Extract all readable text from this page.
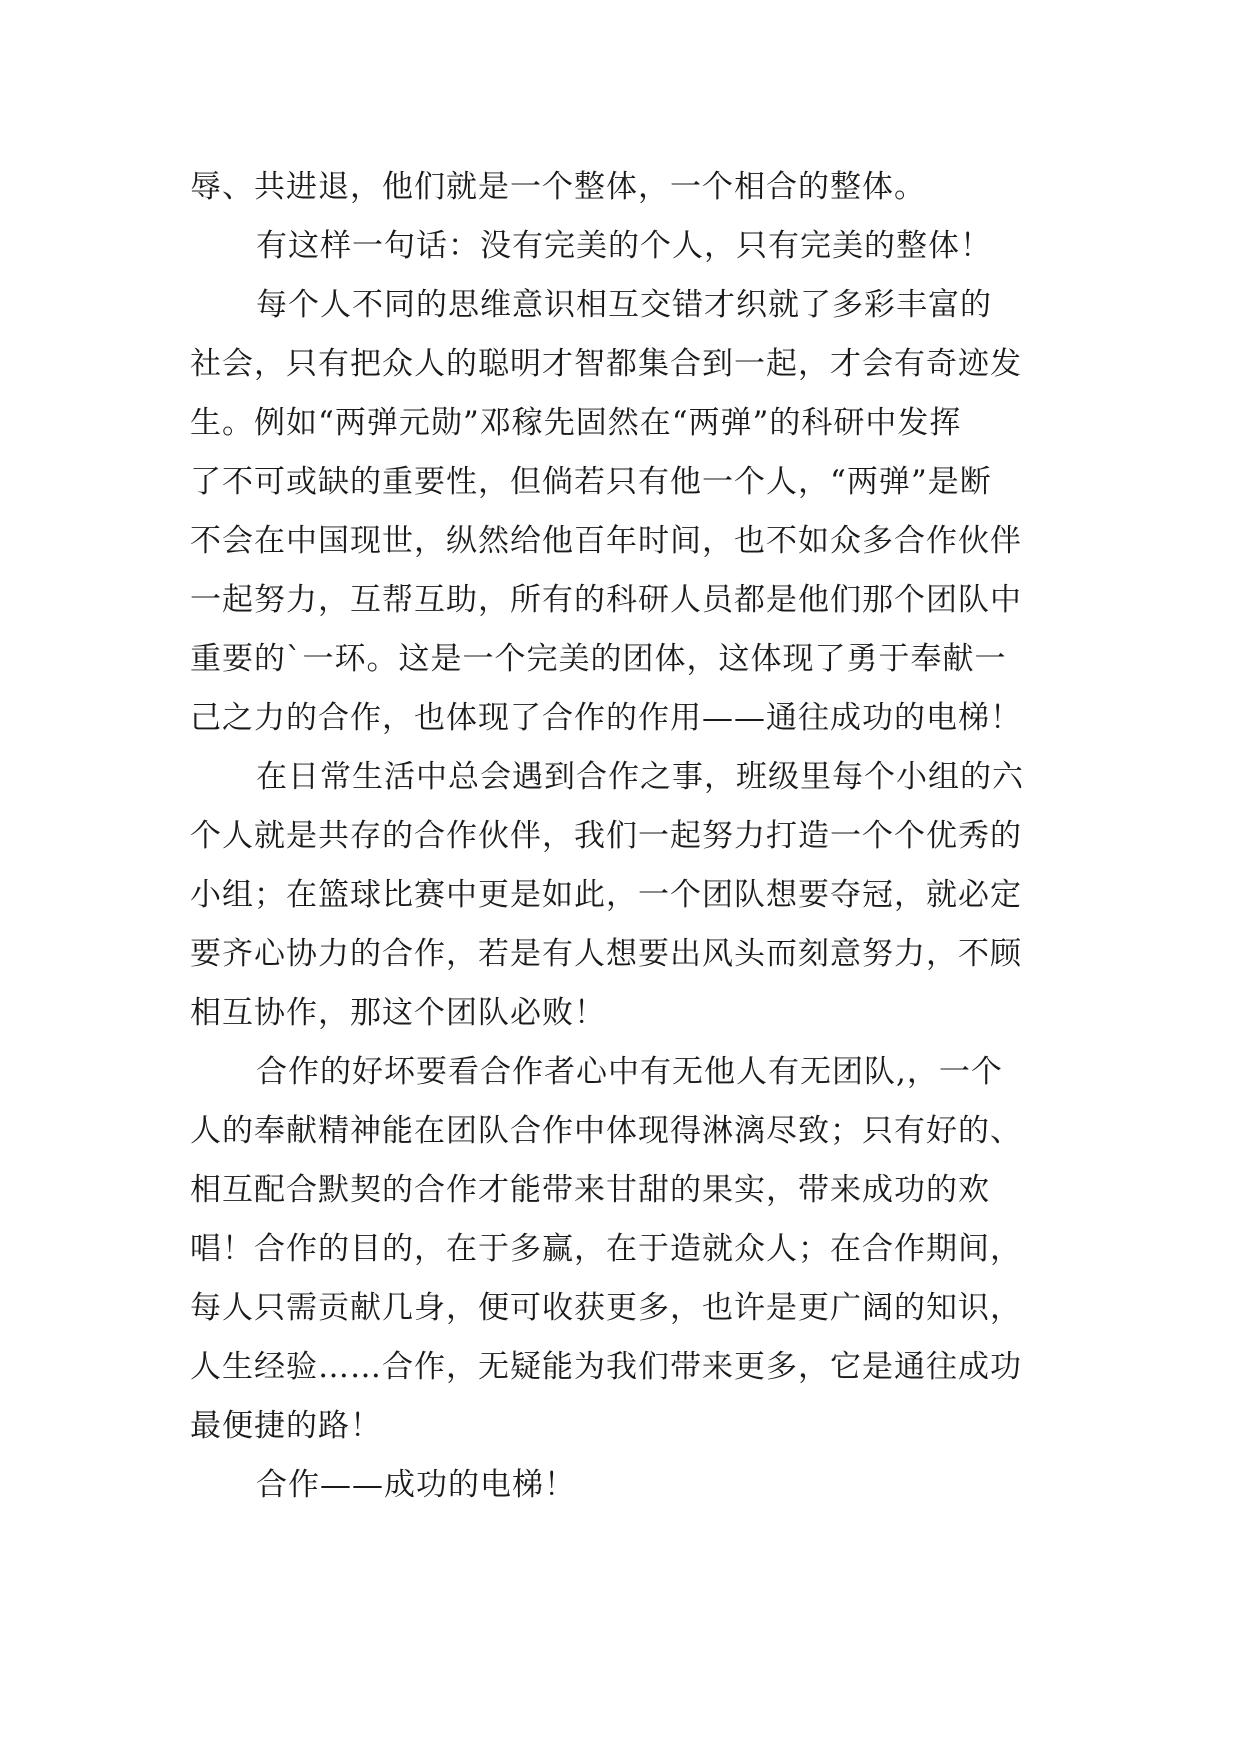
辱、共进退，他们就是一个整体，一个相合的整体。
有这样一句话：没有完美的个人，只有完美的整体！
每个人不同的思维意识相互交错才织就了多彩丰富的
社会，只有把众人的聪明才智都集合到一起，才会有奇迹发
生。例如“两弹元勋”邓稼先固然在“两弹”的科研中发挥
了不可或缺的重要性，但倘若只有他一个人，“两弹”是断
不会在中国现世，纵然给他百年时间，也不如众多合作伙伴
一起努力，互帮互助，所有的科研人员都是他们那个团队中
重要的`一环。这是一个完美的团体，这体现了勇于奉献一
己之力的合作，也体现了合作的作用——通往成功的电梯！
在日常生活中总会遇到合作之事，班级里每个小组的六
个人就是共存的合作伙伴，我们一起努力打造一个个优秀的
小组；在篮球比赛中更是如此，一个团队想要夺冠，就必定
要齐心协力的合作，若是有人想要出风头而刻意努力，不顾
相互协作，那这个团队必败！
合作的好坏要看合作者心中有无他人有无团队,，一个
人的奉献精神能在团队合作中体现得淋漓尽致；只有好的、
相互配合默契的合作才能带来甘甜的果实，带来成功的欢
唱！合作的目的，在于多赢，在于造就众人；在合作期间，
每人只需贡献几身，便可收获更多，也许是更广阔的知识，
人生经验……合作，无疑能为我们带来更多，它是通往成功
最便捷的路！
合作——成功的电梯！
